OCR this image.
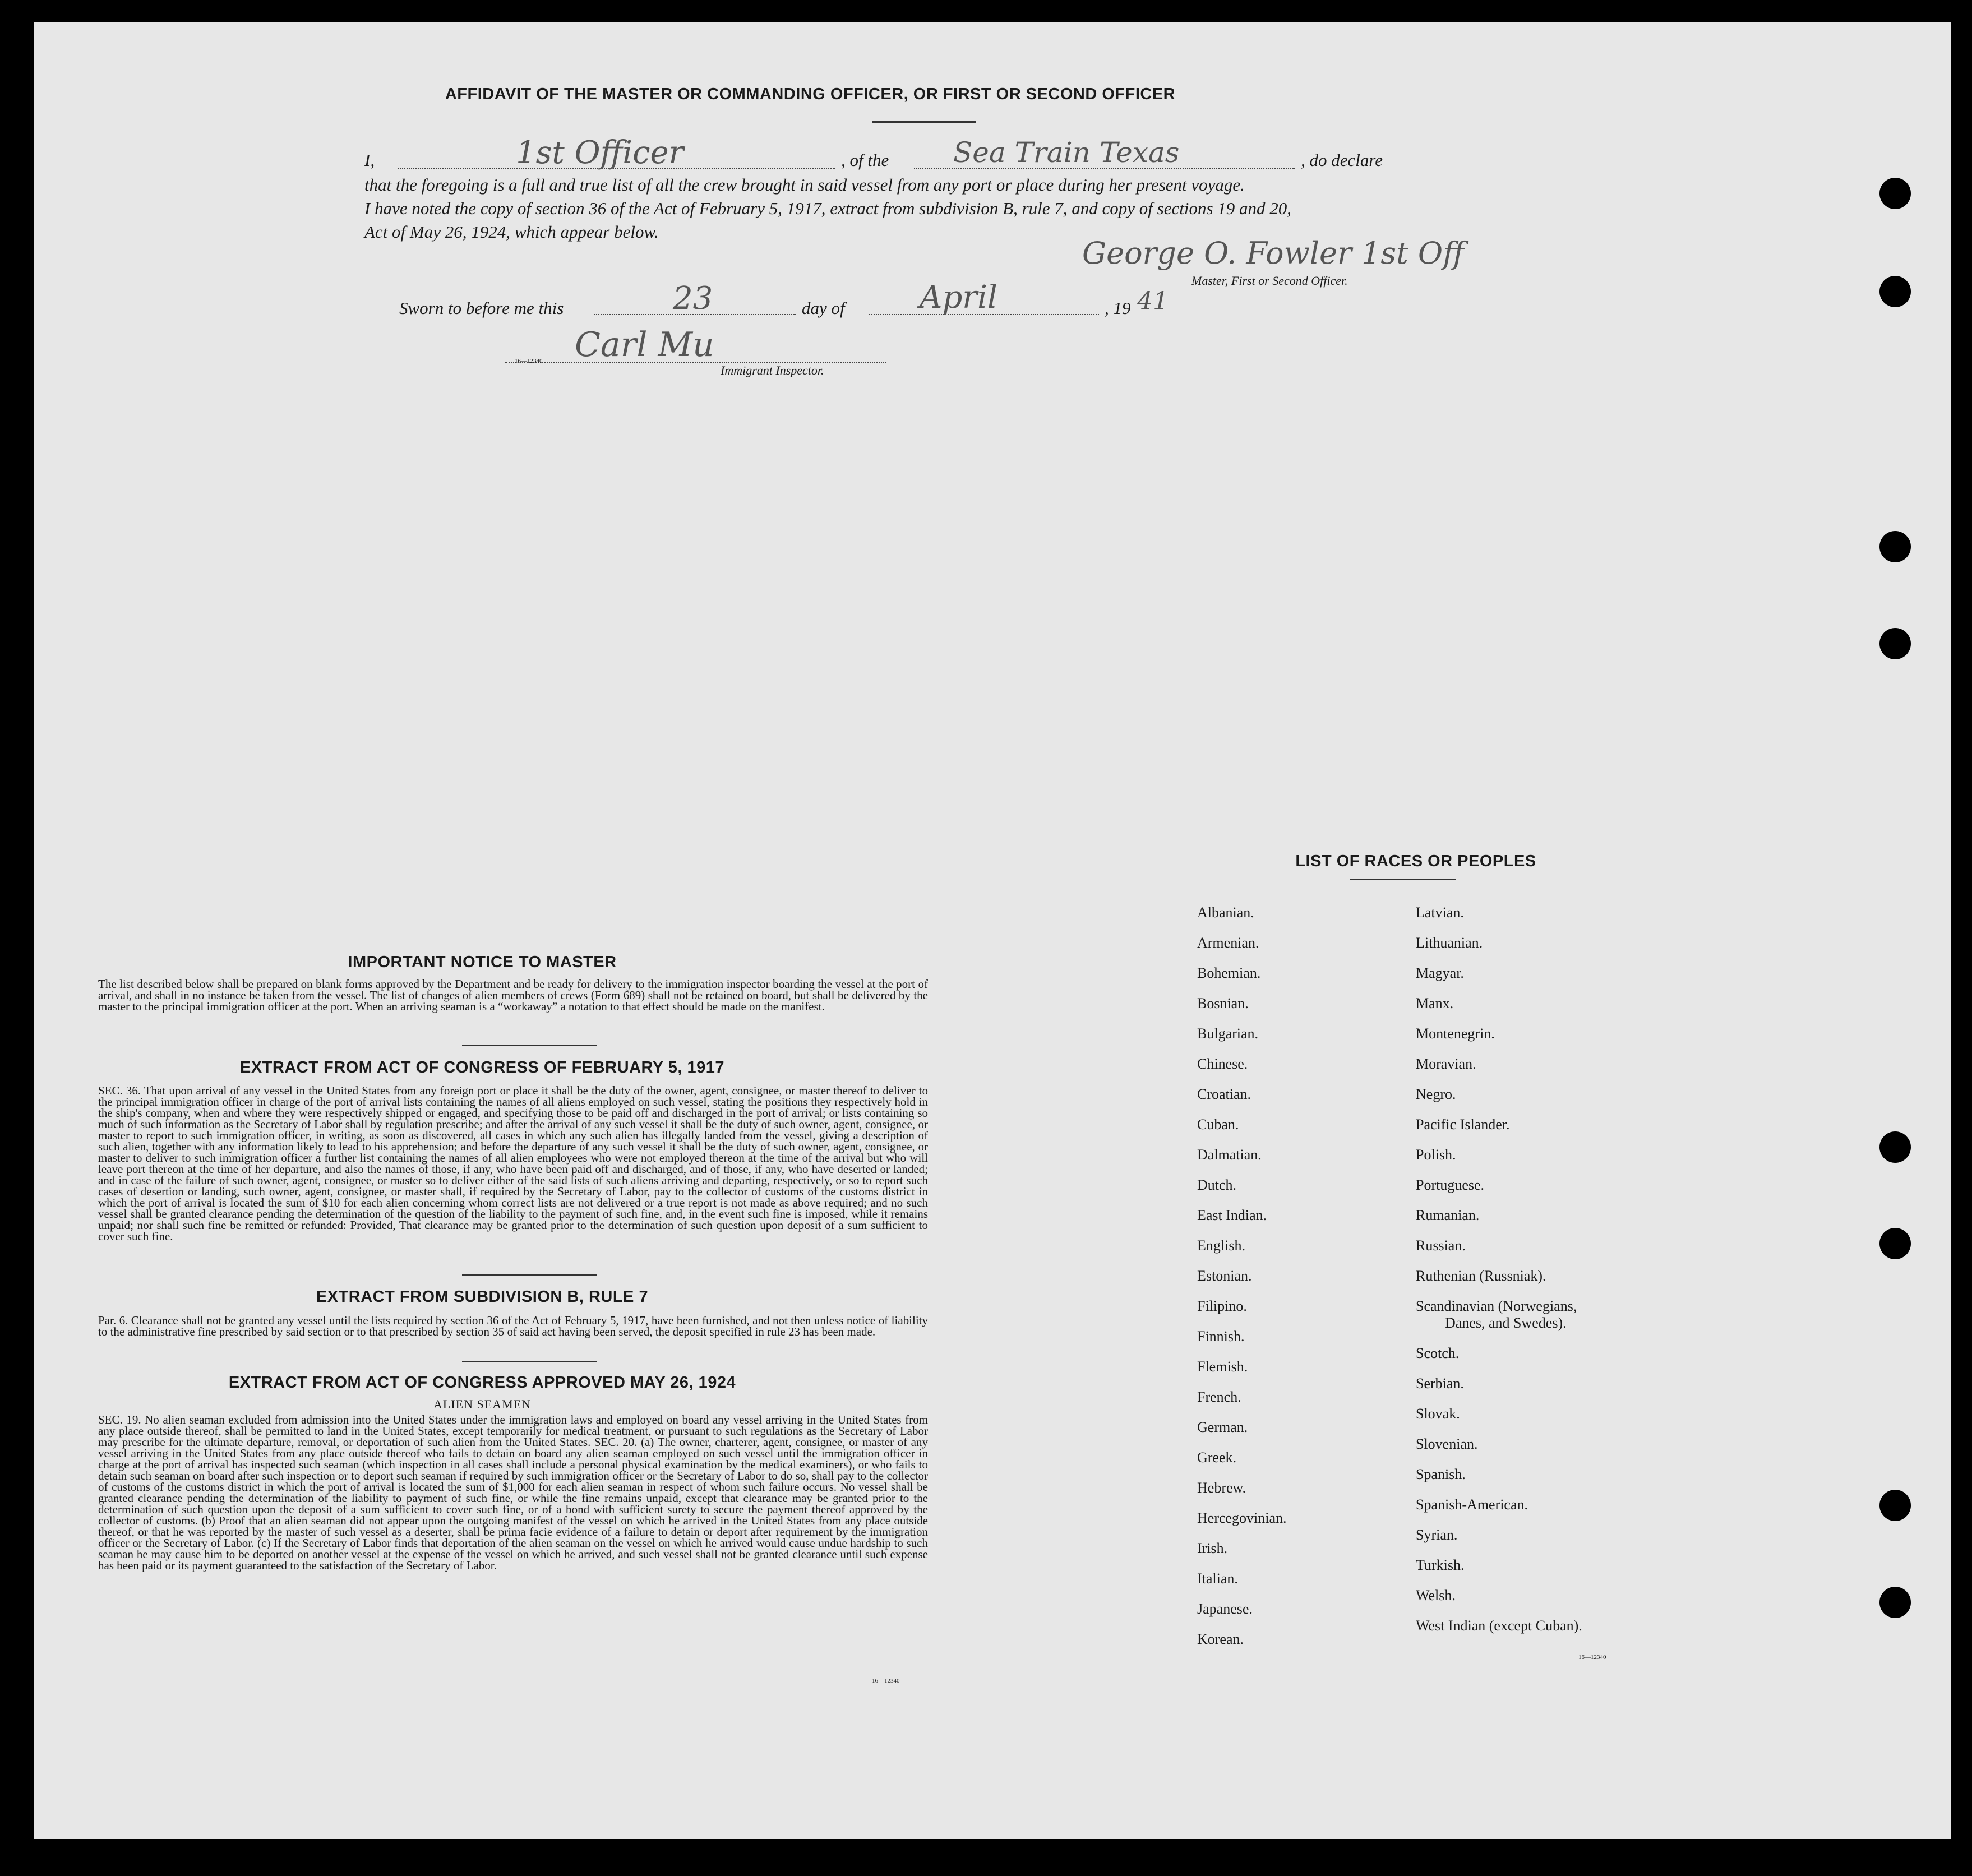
AFFIDAVIT OF THE MASTER OR COMMANDING OFFICER, OR FIRST OR SECOND OFFICER
I,	, of the	, do declare
1st Officer	Sea Train Texas
that the foregoing is a full and true list of all the crew brought in said vessel from any port or place during her present voyage.
I have noted the copy of section 36 of the Act of February 5, 1917, extract from subdivision B, rule 7, and copy of sections 19 and 20,
Act of May 26, 1924, which appear below.
George O. Fowler 1st Off
Master, First or Second Officer.
Sworn to before me this	23	day of April	, 19 41
Carl Mu
16—12340
Immigrant Inspector.
IMPORTANT NOTICE TO MASTER
The list described below shall be prepared on blank forms approved by the Department and be ready for delivery to the immigration inspector boarding the vessel at the port of arrival, and shall in no instance be taken from the vessel. The list of changes of alien members of crews (Form 689) shall not be retained on board, but shall be delivered by the master to the principal immigration officer at the port. When an arriving seaman is a “workaway” a notation to that effect should be made on the manifest.
EXTRACT FROM ACT OF CONGRESS OF FEBRUARY 5, 1917
SEC. 36. That upon arrival of any vessel in the United States from any foreign port or place it shall be the duty of the owner, agent, consignee, or master thereof to deliver to the principal immigration officer in charge of the port of arrival lists containing the names of all aliens employed on such vessel, stating the positions they respectively hold in the ship's company, when and where they were respectively shipped or engaged, and specifying those to be paid off and discharged in the port of arrival; or lists containing so much of such information as the Secretary of Labor shall by regulation prescribe; and after the arrival of any such vessel it shall be the duty of such owner, agent, consignee, or master to report to such immigration officer, in writing, as soon as discovered, all cases in which any such alien has illegally landed from the vessel, giving a description of such alien, together with any information likely to lead to his apprehension; and before the departure of any such vessel it shall be the duty of such owner, agent, consignee, or master to deliver to such immigration officer a further list containing the names of all alien employees who were not employed thereon at the time of the arrival but who will leave port thereon at the time of her departure, and also the names of those, if any, who have been paid off and discharged, and of those, if any, who have deserted or landed; and in case of the failure of such owner, agent, consignee, or master so to deliver either of the said lists of such aliens arriving and departing, respectively, or so to report such cases of desertion or landing, such owner, agent, consignee, or master shall, if required by the Secretary of Labor, pay to the collector of customs of the customs district in which the port of arrival is located the sum of $10 for each alien concerning whom correct lists are not delivered or a true report is not made as above required; and no such vessel shall be granted clearance pending the determination of the question of the liability to the payment of such fine, and, in the event such fine is imposed, while it remains unpaid; nor shall such fine be remitted or refunded: Provided, That clearance may be granted prior to the determination of such question upon deposit of a sum sufficient to cover such fine.
EXTRACT FROM SUBDIVISION B, RULE 7
Par. 6. Clearance shall not be granted any vessel until the lists required by section 36 of the Act of February 5, 1917, have been furnished, and not then unless notice of liability to the administrative fine prescribed by said section or to that prescribed by section 35 of said act having been served, the deposit specified in rule 23 has been made.
EXTRACT FROM ACT OF CONGRESS APPROVED MAY 26, 1924
ALIEN SEAMEN
SEC. 19. No alien seaman excluded from admission into the United States under the immigration laws and employed on board any vessel arriving in the United States from any place outside thereof, shall be permitted to land in the United States, except temporarily for medical treatment, or pursuant to such regulations as the Secretary of Labor may prescribe for the ultimate departure, removal, or deportation of such alien from the United States. SEC. 20. (a) The owner, charterer, agent, consignee, or master of any vessel arriving in the United States from any place outside thereof who fails to detain on board any alien seaman employed on such vessel until the immigration officer in charge at the port of arrival has inspected such seaman (which inspection in all cases shall include a personal physical examination by the medical examiners), or who fails to detain such seaman on board after such inspection or to deport such seaman if required by such immigration officer or the Secretary of Labor to do so, shall pay to the collector of customs of the customs district in which the port of arrival is located the sum of $1,000 for each alien seaman in respect of whom such failure occurs. No vessel shall be granted clearance pending the determination of the liability to payment of such fine, or while the fine remains unpaid, except that clearance may be granted prior to the determination of such question upon the deposit of a sum sufficient to cover such fine, or of a bond with sufficient surety to secure the payment thereof approved by the collector of customs. (b) Proof that an alien seaman did not appear upon the outgoing manifest of the vessel on which he arrived in the United States from any place outside thereof, or that he was reported by the master of such vessel as a deserter, shall be prima facie evidence of a failure to detain or deport after requirement by the immigration officer or the Secretary of Labor. (c) If the Secretary of Labor finds that deportation of the alien seaman on the vessel on which he arrived would cause undue hardship to such seaman he may cause him to be deported on another vessel at the expense of the vessel on which he arrived, and such vessel shall not be granted clearance until such expense has been paid or its payment guaranteed to the satisfaction of the Secretary of Labor.
16—12340
LIST OF RACES OR PEOPLES
Albanian.
Armenian.
Bohemian.
Bosnian.
Bulgarian.
Chinese.
Croatian.
Cuban.
Dalmatian.
Dutch.
East Indian.
English.
Estonian.
Filipino.
Finnish.
Flemish.
French.
German.
Greek.
Hebrew.
Hercegovinian.
Irish.
Italian.
Japanese.
Korean.
Latvian.
Lithuanian.
Magyar.
Manx.
Montenegrin.
Moravian.
Negro.
Pacific Islander.
Polish.
Portuguese.
Rumanian.
Russian.
Ruthenian (Russniak).
Scandinavian (Norwegians,
Danes, and Swedes).
Scotch.
Serbian.
Slovak.
Slovenian.
Spanish.
Spanish-American.
Syrian.
Turkish.
Welsh.
West Indian (except Cuban).
16—12340
